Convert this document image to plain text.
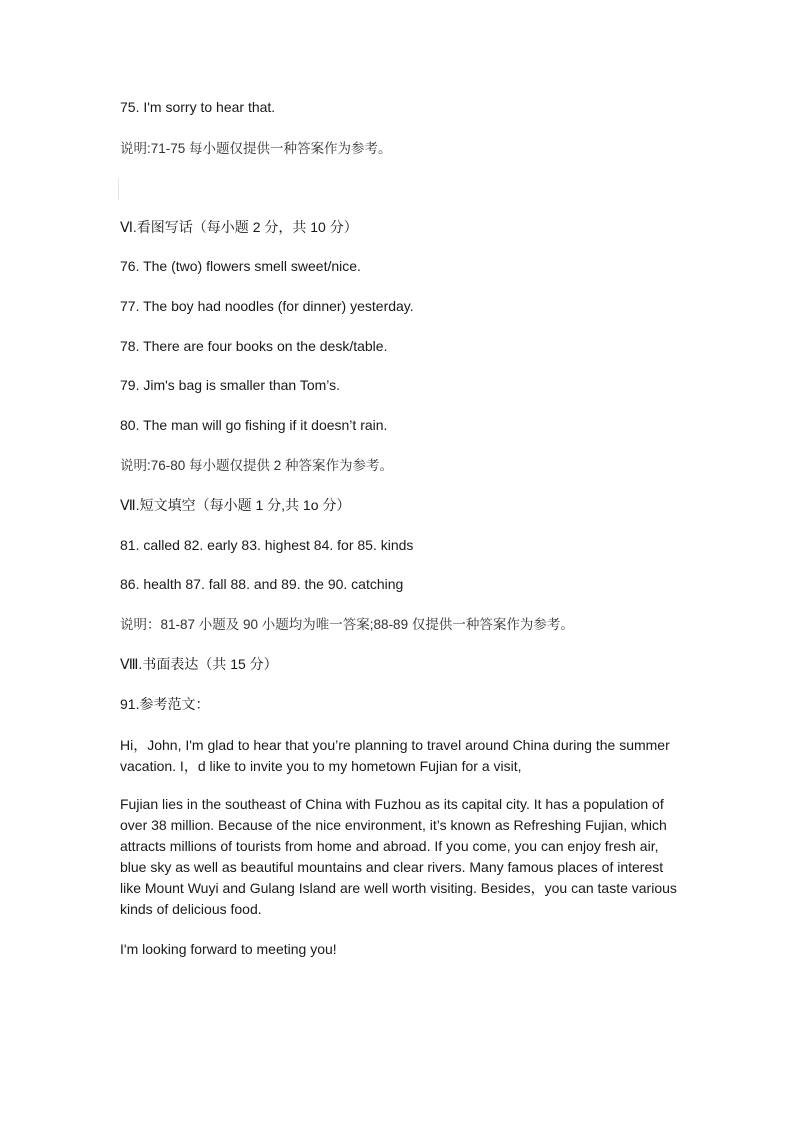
75. I'm sorry to hear that.
说明:71-75 每小题仅提供一种答案作为参考。
Ⅵ.看图写话（每小题 2 分，共 10 分）
76. The (two) flowers smell sweet/nice.
77. The boy had noodles (for dinner) yesterday.
78. There are four books on the desk/table.
79. Jim's bag is smaller than Tom’s.
80. The man will go fishing if it doesn’t rain.
说明:76-80 每小题仅提供 2 种答案作为参考。
Ⅶ.短文填空（每小题 1 分,共 1o 分）
81. called 82. early 83. highest 84. for 85. kinds
86. health 87. fall 88. and 89. the 90. catching
说明：81-87 小题及 90 小题均为唯一答案;88-89 仅提供一种答案作为参考。
Ⅷ.书面表达（共 15 分）
91.参考范文：
Hi，John, I'm glad to hear that you’re planning to travel around China during the summer
vacation. I，d like to invite you to my hometown Fujian for a visit,
Fujian lies in the southeast of China with Fuzhou as its capital city. It has a population of
over 38 million. Because of the nice environment, it’s known as Refreshing Fujian, which
attracts millions of tourists from home and abroad. If you come, you can enjoy fresh air,
blue sky as well as beautiful mountains and clear rivers. Many famous places of interest
like Mount Wuyi and Gulang Island are well worth visiting. Besides，you can taste various
kinds of delicious food.
I'm looking forward to meeting you!
